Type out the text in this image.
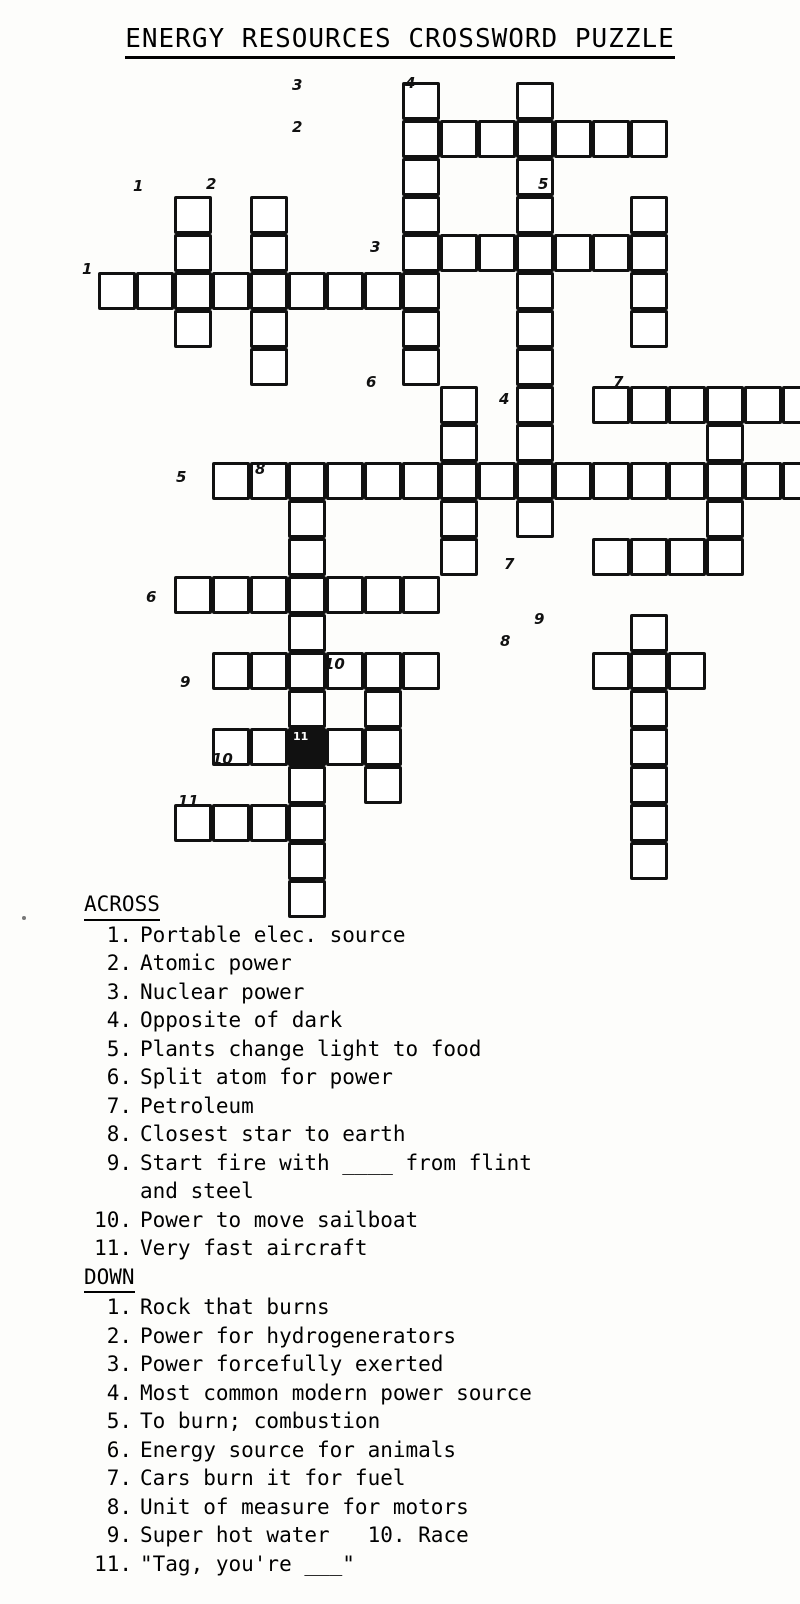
ENERGY RESOURCES CROSSWORD PUZZLE
11
3	4
2
1	2	5
3
1
6	7
4
5	8
7
9
6
8
9
10
10
11
ACROSS
1. Portable elec. source
2. Atomic power
3. Nuclear power
4. Opposite of dark
5. Plants change light to food
6. Split atom for power
7. Petroleum
8. Closest star to earth
9. Start fire with ____ from flint
and steel
10. Power to move sailboat
11. Very fast aircraft
DOWN
1. Rock that burns
2. Power for hydrogenerators
3. Power forcefully exerted
4. Most common modern power source
5. To burn; combustion
6. Energy source for animals
7. Cars burn it for fuel
8. Unit of measure for motors
9. Super hot water 10. Race
11. "Tag, you're ___"
